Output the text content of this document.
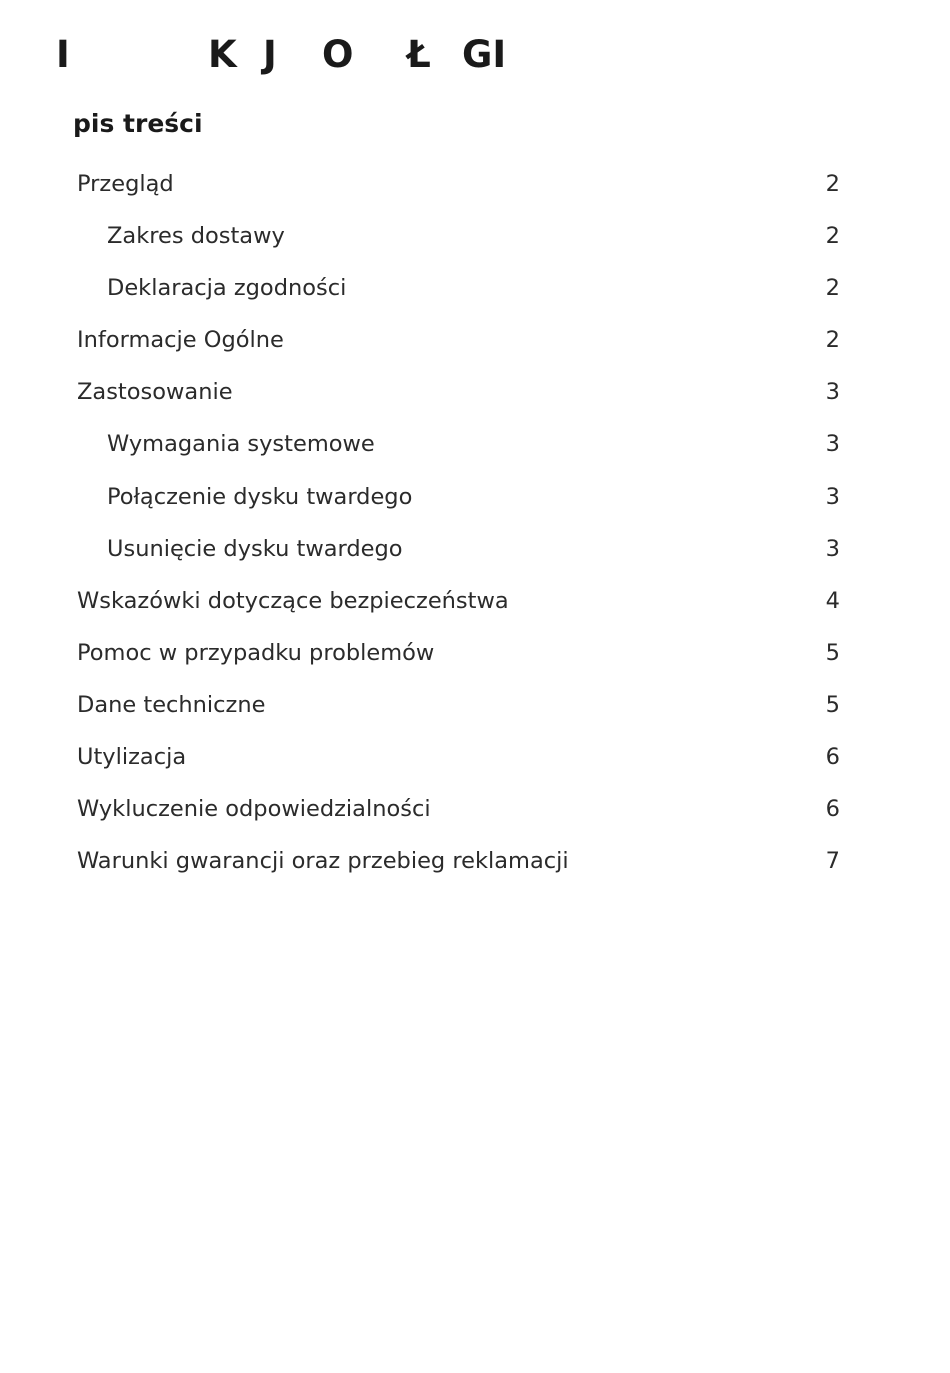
I	K J O Ł GI
pis treści
Przegląd	2
Zakres dostawy	2
Deklaracja zgodności	2
Informacje Ogólne	2
Zastosowanie	3
Wymagania systemowe	3
Połączenie dysku twardego	3
Usunięcie dysku twardego	3
Wskazówki dotyczące bezpieczeństwa	4
Pomoc w przypadku problemów	5
Dane techniczne	5
Utylizacja	6
Wykluczenie odpowiedzialności	6
Warunki gwarancji oraz przebieg reklamacji	7
